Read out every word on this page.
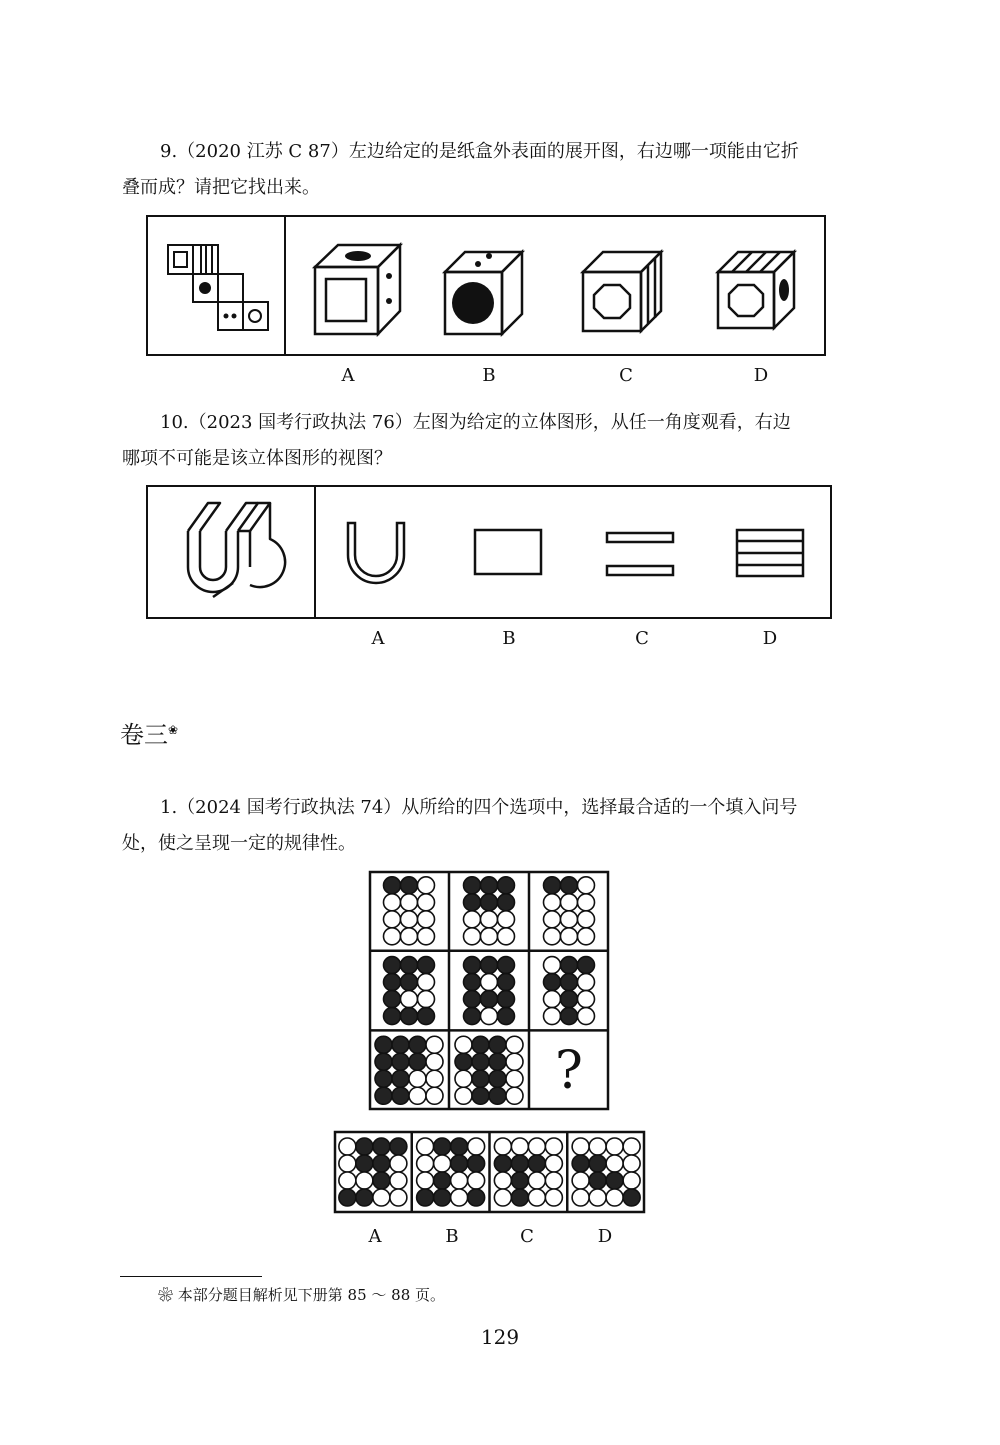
9.（2020 江苏 C 87）左边给定的是纸盒外表面的展开图，右边哪一项能由它折
叠而成？请把它找出来。
A	B	C	D
10.（2023 国考行政执法 76）左图为给定的立体图形，从任一角度观看，右边
哪项不可能是该立体图形的视图？
A	B	C	D
卷三❀
1.（2024 国考行政执法 74）从所给的四个选项中，选择最合适的一个填入问号
处，使之呈现一定的规律性。
?
A	B	C	D
❀ 本部分题目解析见下册第 85 ～ 88 页。
129
